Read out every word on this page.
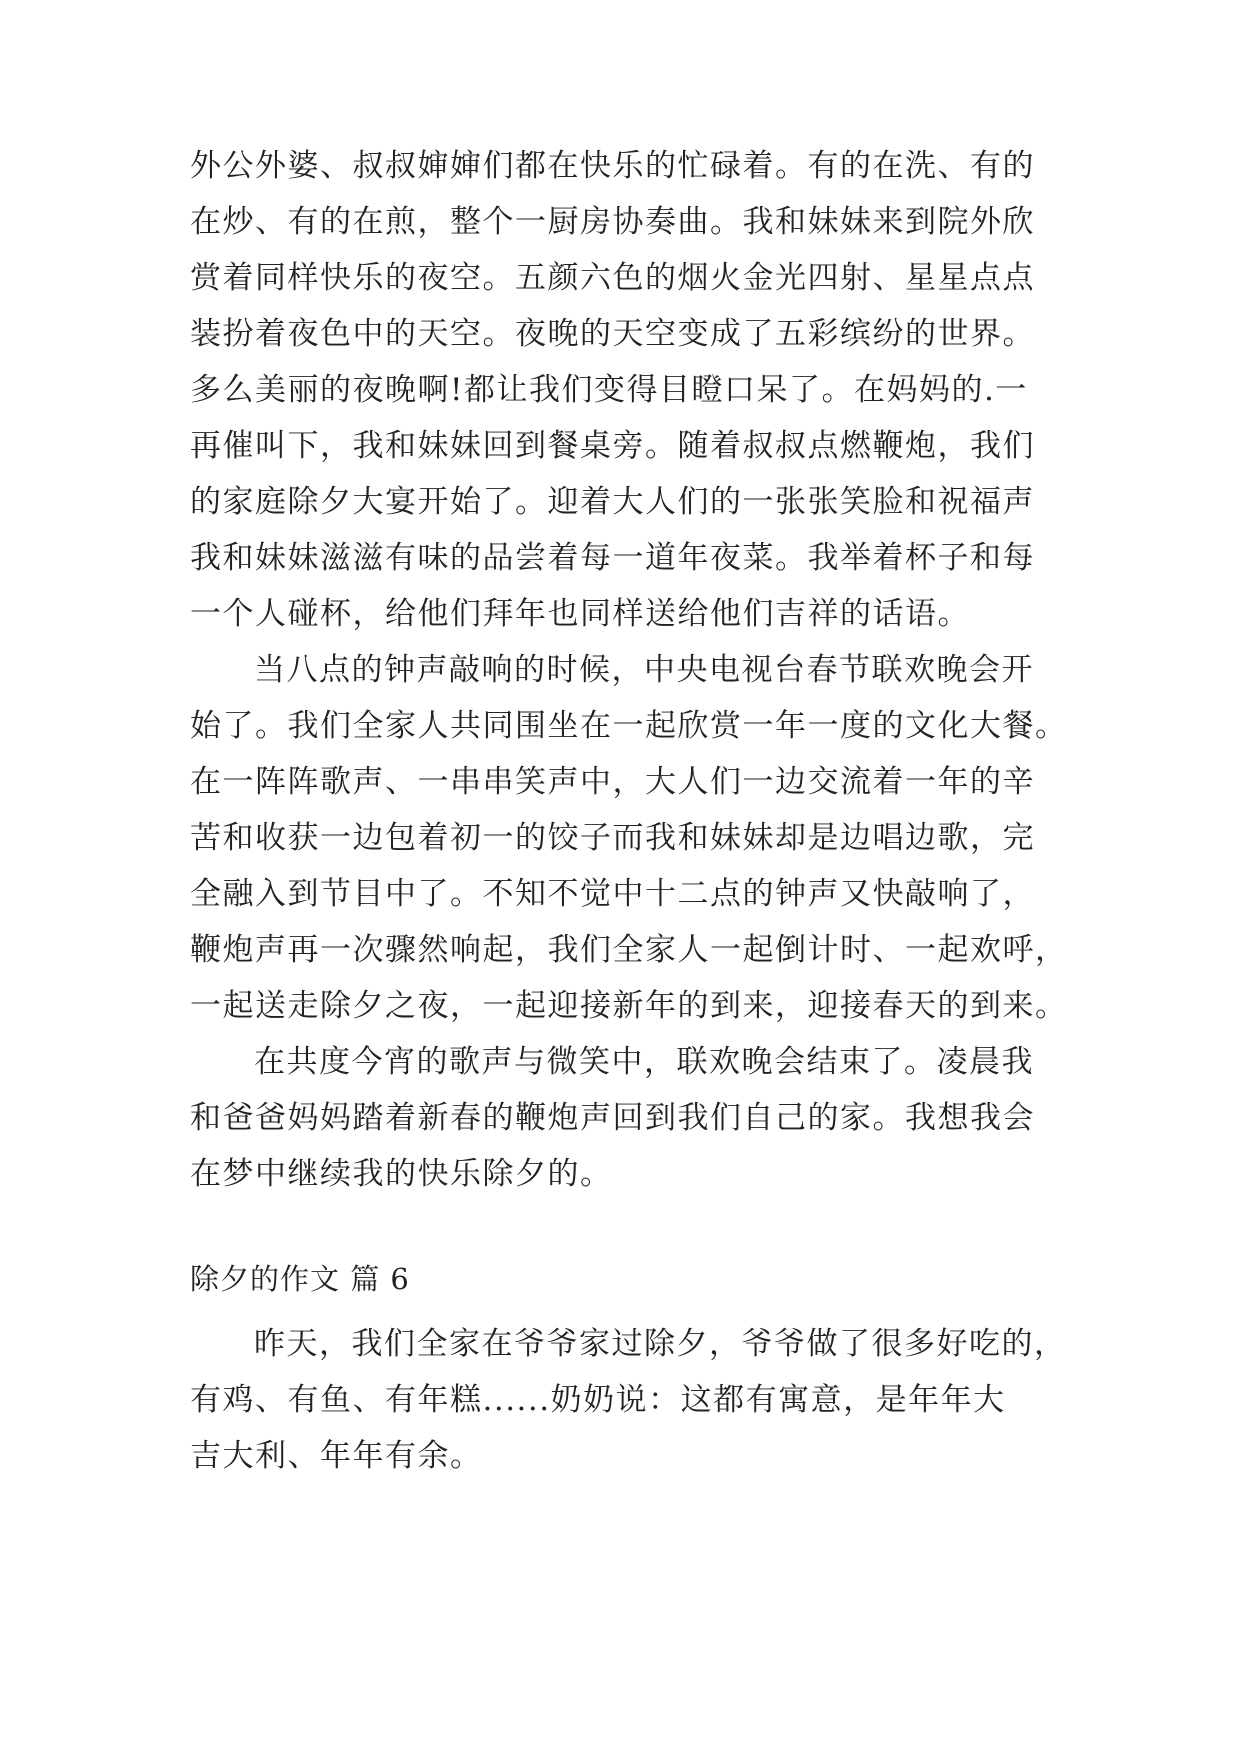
外公外婆、叔叔婶婶们都在快乐的忙碌着。有的在洗、有的
在炒、有的在煎，整个一厨房协奏曲。我和妹妹来到院外欣
赏着同样快乐的夜空。五颜六色的烟火金光四射、星星点点
装扮着夜色中的天空。夜晚的天空变成了五彩缤纷的世界。
多么美丽的夜晚啊!都让我们变得目瞪口呆了。在妈妈的.一
再催叫下，我和妹妹回到餐桌旁。随着叔叔点燃鞭炮，我们
的家庭除夕大宴开始了。迎着大人们的一张张笑脸和祝福声
我和妹妹滋滋有味的品尝着每一道年夜菜。我举着杯子和每
一个人碰杯，给他们拜年也同样送给他们吉祥的话语。
当八点的钟声敲响的时候，中央电视台春节联欢晚会开
始了。我们全家人共同围坐在一起欣赏一年一度的文化大餐。
在一阵阵歌声、一串串笑声中，大人们一边交流着一年的辛
苦和收获一边包着初一的饺子而我和妹妹却是边唱边歌，完
全融入到节目中了。不知不觉中十二点的钟声又快敲响了，
鞭炮声再一次骤然响起，我们全家人一起倒计时、一起欢呼，
一起送走除夕之夜，一起迎接新年的到来，迎接春天的到来。
在共度今宵的歌声与微笑中，联欢晚会结束了。凌晨我
和爸爸妈妈踏着新春的鞭炮声回到我们自己的家。我想我会
在梦中继续我的快乐除夕的。
除夕的作文 篇 6
昨天，我们全家在爷爷家过除夕，爷爷做了很多好吃的，
有鸡、有鱼、有年糕......奶奶说：这都有寓意，是年年大
吉大利、年年有余。
